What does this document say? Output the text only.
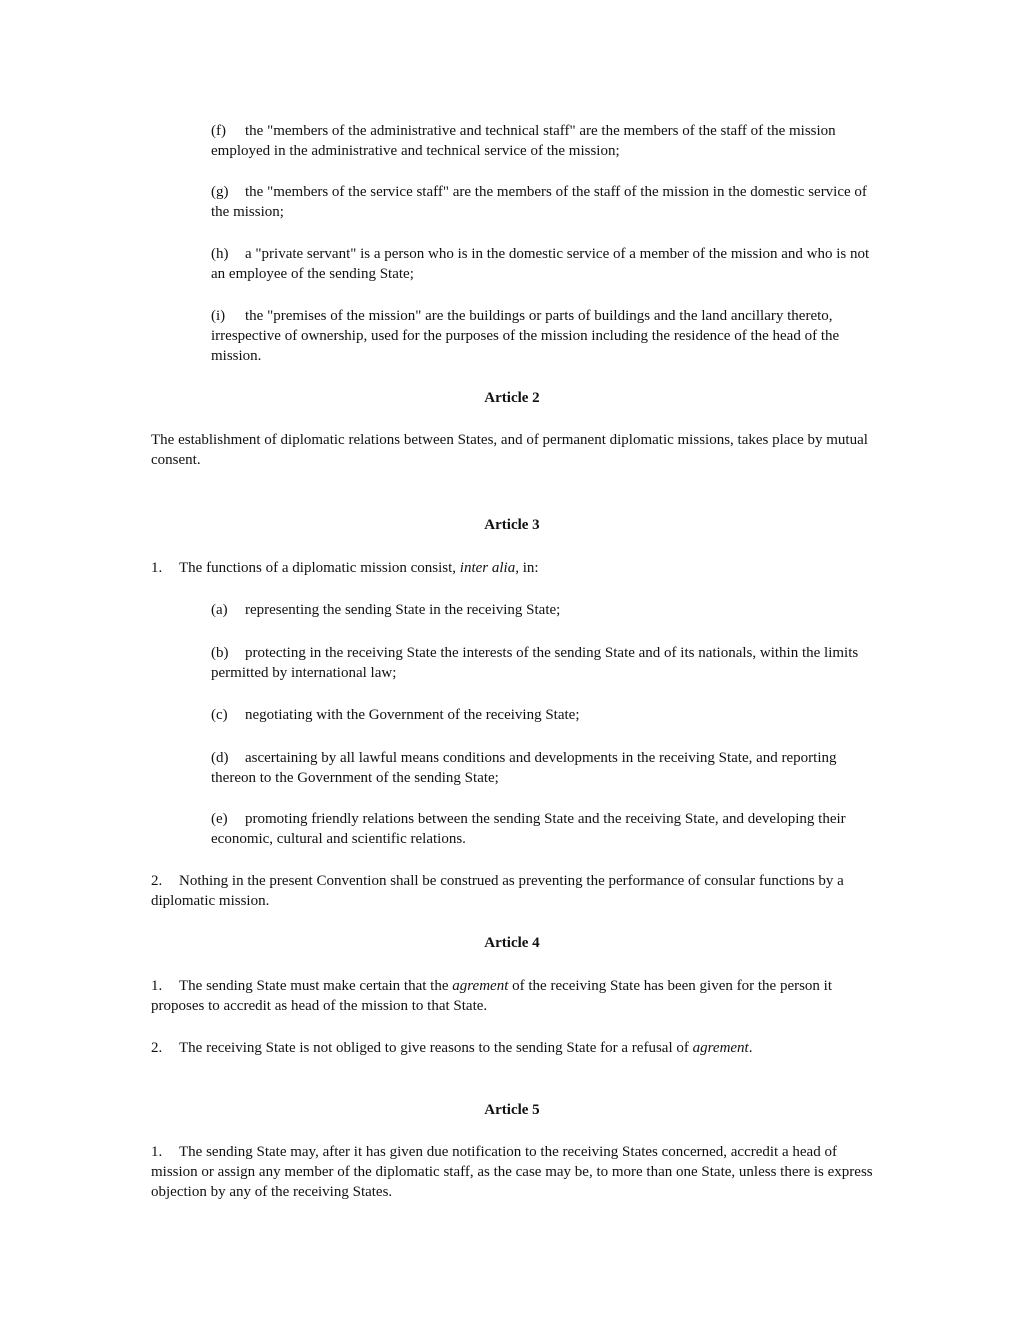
(f) the "members of the administrative and technical staff" are the members of the staff of the mission employed in the administrative and technical service of the mission;

(g) the "members of the service staff" are the members of the staff of the mission in the domestic service of the mission;

(h) a "private servant" is a person who is in the domestic service of a member of the mission and who is not an employee of the sending State;

(i) the "premises of the mission" are the buildings or parts of buildings and the land ancillary thereto, irrespective of ownership, used for the purposes of the mission including the residence of the head of the mission.

Article 2

The establishment of diplomatic relations between States, and of permanent diplomatic missions, takes place by mutual consent.

Article 3

1. The functions of a diplomatic mission consist, inter alia, in:

(a) representing the sending State in the receiving State;

(b) protecting in the receiving State the interests of the sending State and of its nationals, within the limits permitted by international law;

(c) negotiating with the Government of the receiving State;

(d) ascertaining by all lawful means conditions and developments in the receiving State, and reporting thereon to the Government of the sending State;

(e) promoting friendly relations between the sending State and the receiving State, and developing their economic, cultural and scientific relations.

2. Nothing in the present Convention shall be construed as preventing the performance of consular functions by a diplomatic mission.

Article 4

1. The sending State must make certain that the agrement of the receiving State has been given for the person it proposes to accredit as head of the mission to that State.

2. The receiving State is not obliged to give reasons to the sending State for a refusal of agrement.

Article 5

1. The sending State may, after it has given due notification to the receiving States concerned, accredit a head of mission or assign any member of the diplomatic staff, as the case may be, to more than one State, unless there is express objection by any of the receiving States.
